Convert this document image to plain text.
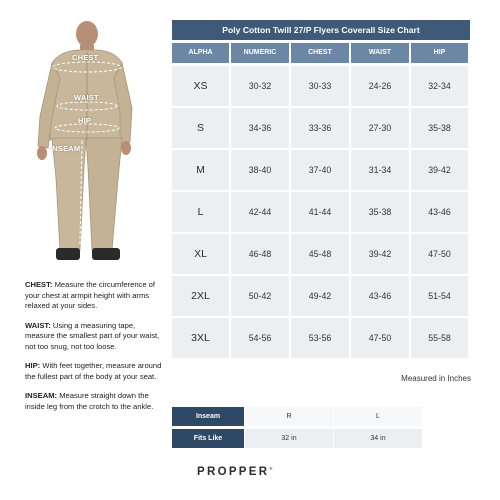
CHEST
WAIST
HIP
INSEAM
CHEST: Measure the circumference of your chest at armpit height with arms relaxed at your sides.
WAIST: Using a measuring tape, measure the smallest part of your waist, not too snug, not too loose.
HIP: With feet together, measure around the fullest part of the body at your seat.
INSEAM: Measure straight down the inside leg from the crotch to the ankle.
Poly Cotton Twill 27/P Flyers Coverall Size Chart
ALPHA	NUMERIC	CHEST	WAIST	HIP
XS	30-32	30-33	24-26	32-34
S	34-36	33-36	27-30	35-38
M	38-40	37-40	31-34	39-42
L	42-44	41-44	35-38	43-46
XL	46-48	45-48	39-42	47-50
2XL	50-42	49-42	43-46	51-54
3XL	54-56	53-56	47-50	55-58
Measured in Inches
Inseam	R	L
Fits Like	32 in	34 in
PROPPER®
